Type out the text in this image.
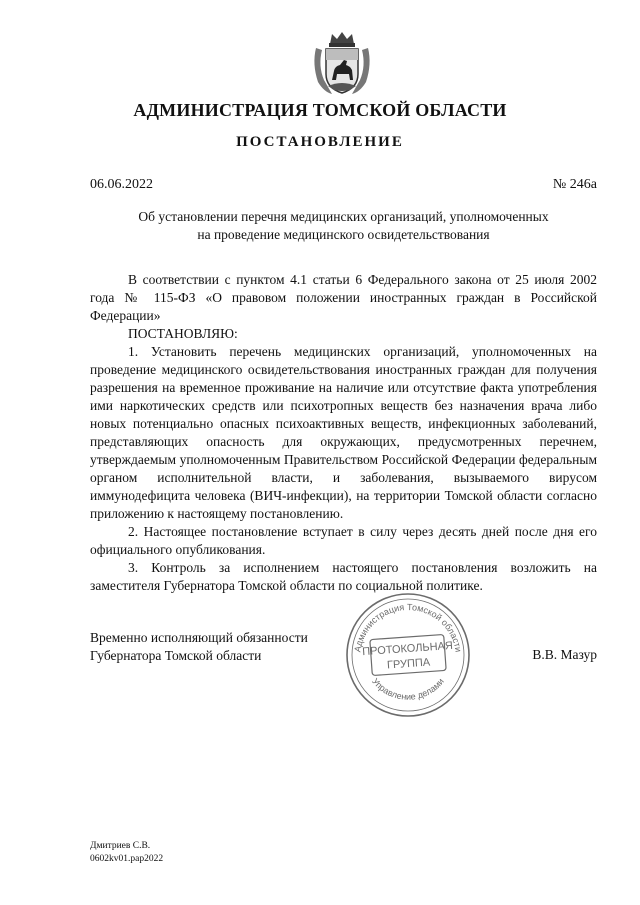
АДМИНИСТРАЦИЯ ТОМСКОЙ ОБЛАСТИ
ПОСТАНОВЛЕНИЕ
06.06.2022	№ 246а
Об установлении перечня медицинских организаций, уполномоченных
на проведение медицинского освидетельствования

В соответствии с пунктом 4.1 статьи 6 Федерального закона от 25 июля 2002 года № 115-ФЗ «О правовом положении иностранных граждан в Российской Федерации»

ПОСТАНОВЛЯЮ:

1. Установить перечень медицинских организаций, уполномоченных на проведение медицинского освидетельствования иностранных граждан для получения разрешения на временное проживание на наличие или отсутствие факта употребления ими наркотических средств или психотропных веществ без назначения врача либо новых потенциально опасных психоактивных веществ, инфекционных заболеваний, представляющих опасность для окружающих, предусмотренных перечнем, утверждаемым уполномоченным Правительством Российской Федерации федеральным органом исполнительной власти, и заболевания, вызываемого вирусом иммунодефицита человека (ВИЧ-инфекции), на территории Томской области согласно приложению к настоящему постановлению.

2. Настоящее постановление вступает в силу через десять дней после дня его официального опубликования.

3. Контроль за исполнением настоящего постановления возложить на заместителя Губернатора Томской области по социальной политике.

Временно исполняющий обязанности
Губернатора Томской области	В.В. Мазур
Администрация Томской области
Управление делами
ПРОТОКОЛЬНАЯ
ГРУППА
Дмитриев С.В.
0602kv01.pap2022
